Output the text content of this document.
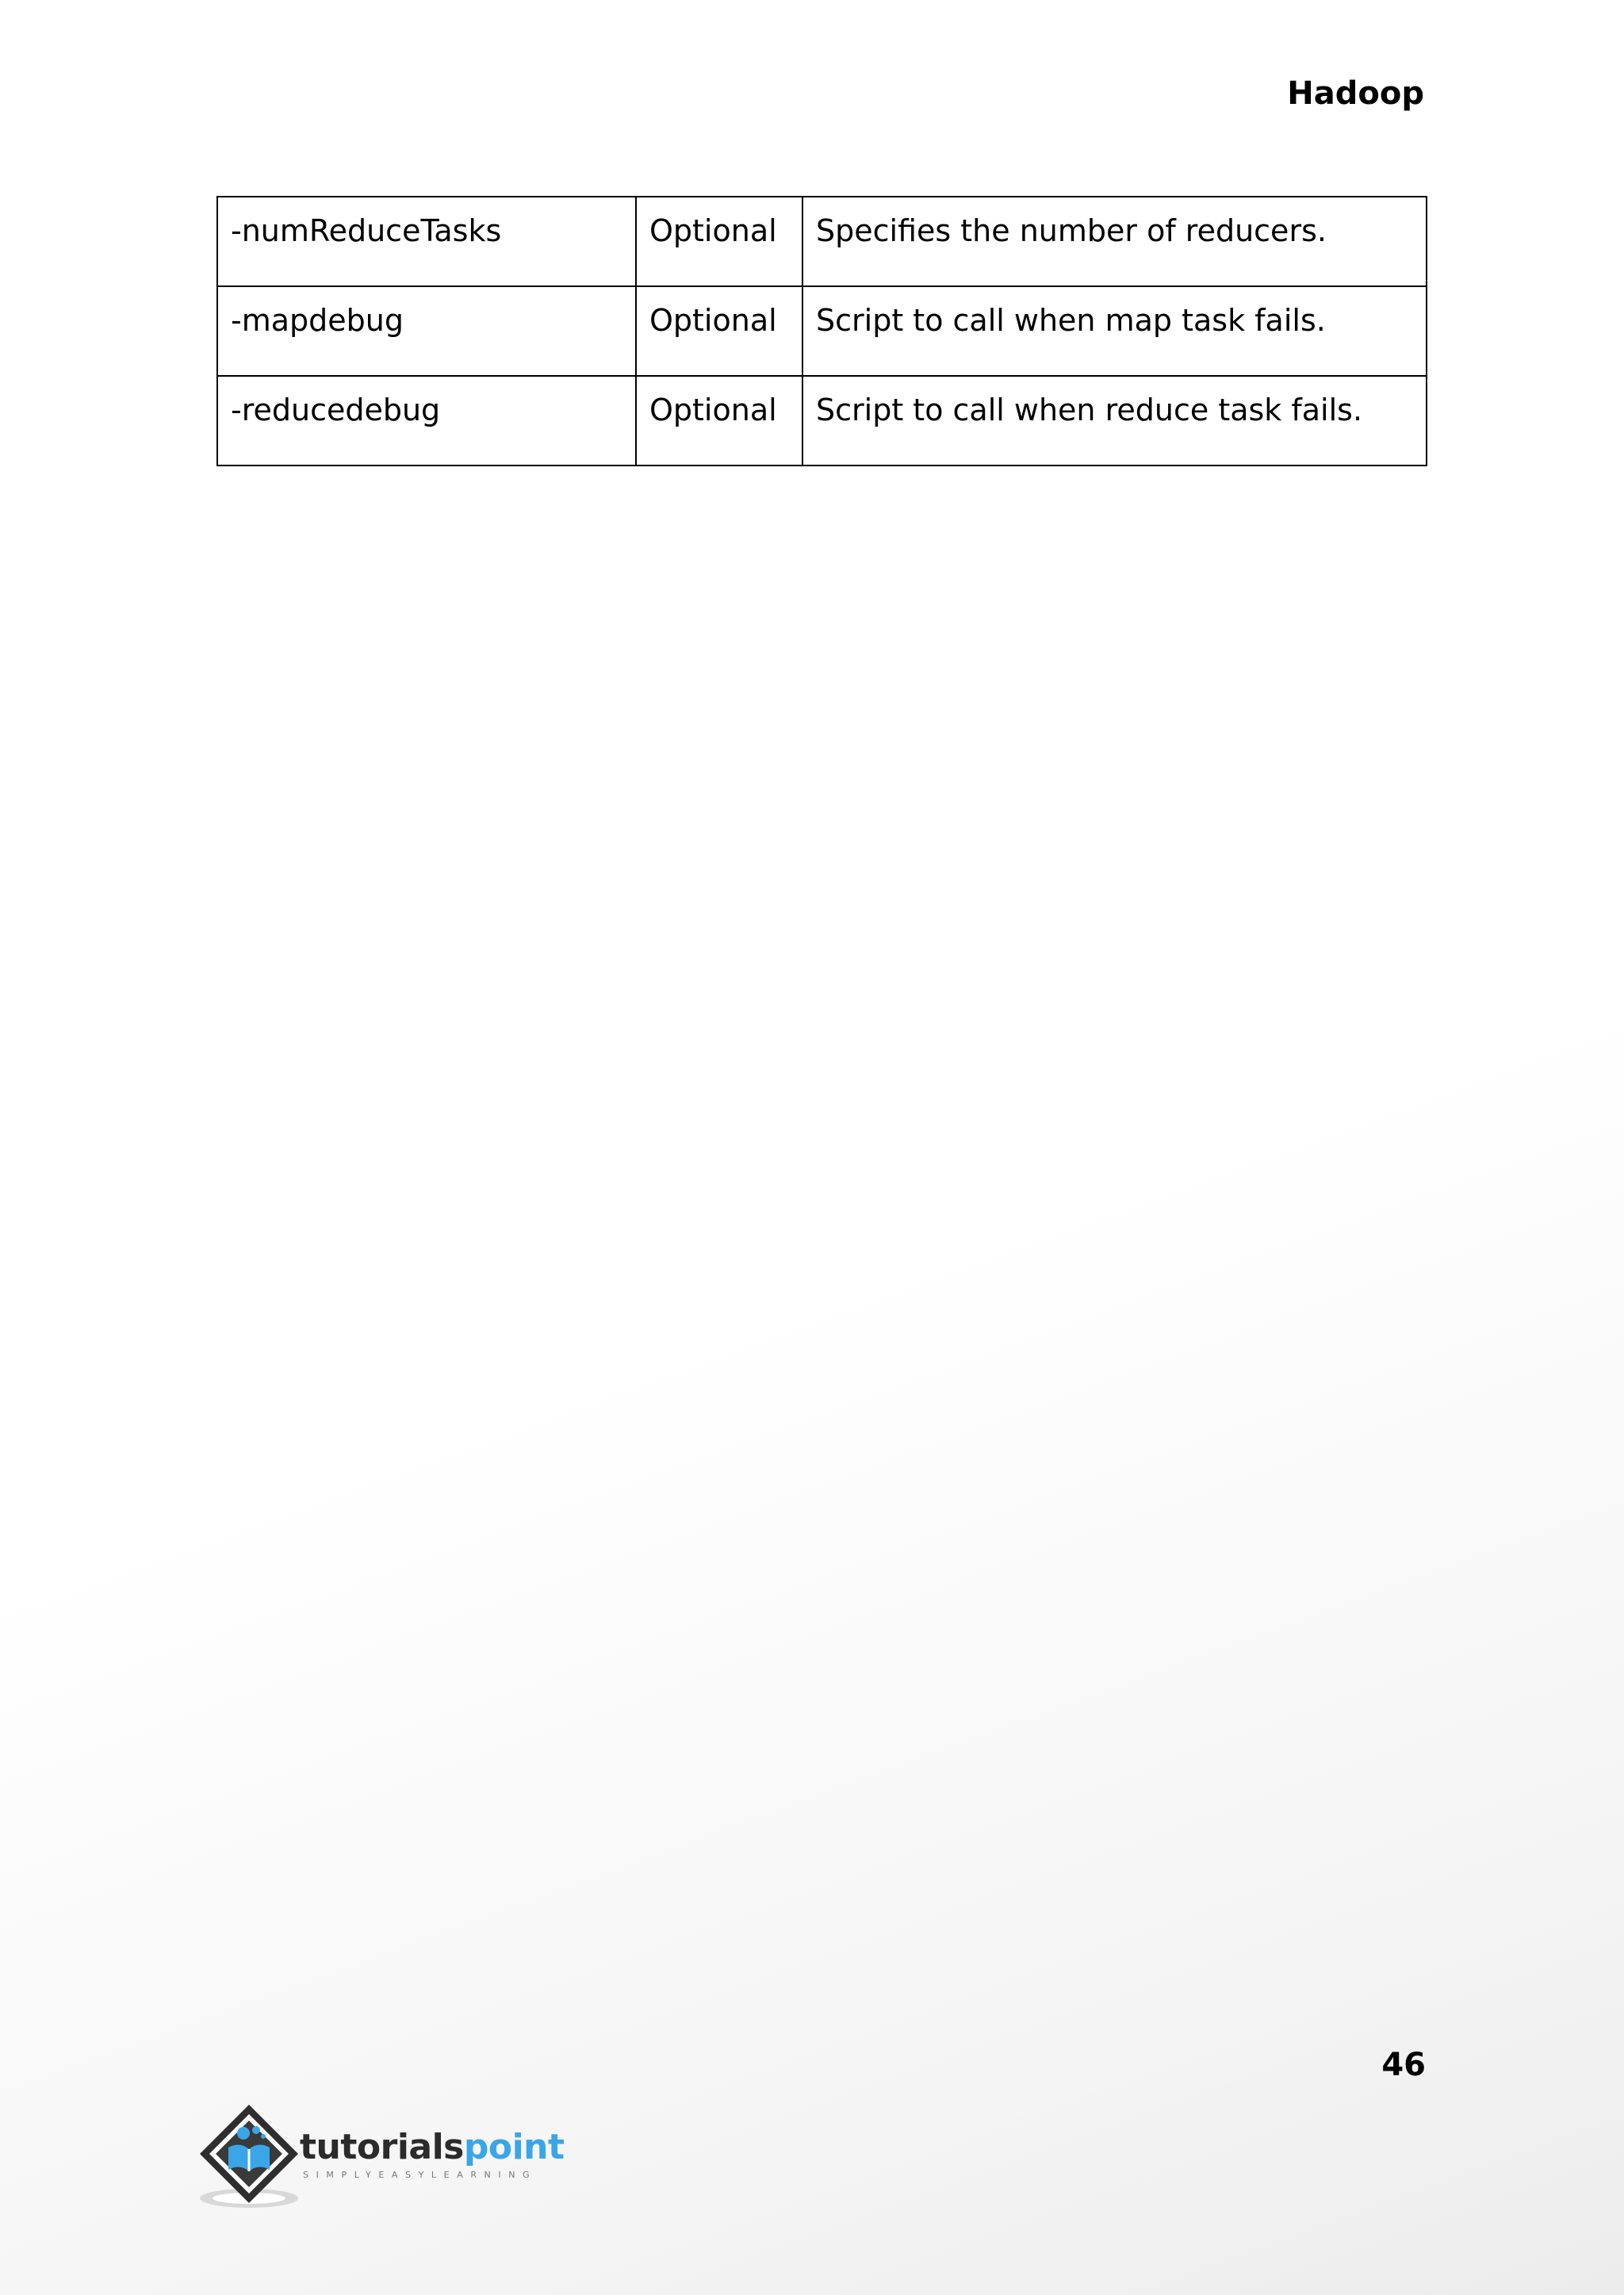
Hadoop
-numReduceTasks	Optional	Specifies the number of reducers.
-mapdebug	Optional	Script to call when map task fails.
-reducedebug	Optional	Script to call when reduce task fails.
46
tutorialspoint
SIMPLYEASYLEARNING
